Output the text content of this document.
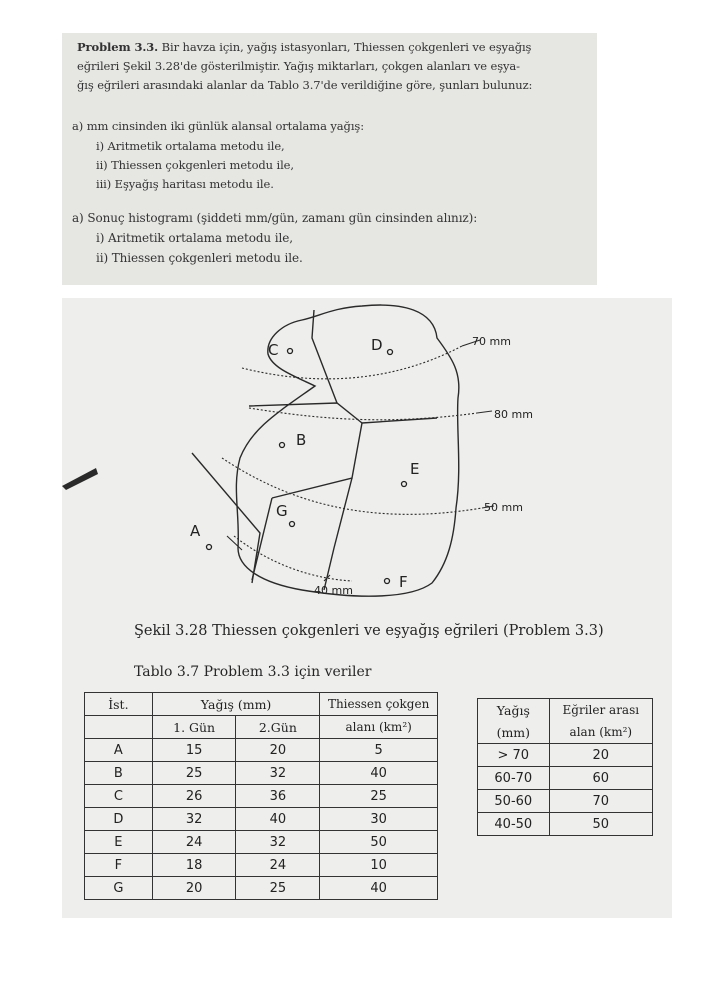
Problem 3.3. Bir havza için, yağış istasyonları, Thiessen çokgenleri ve eşyağış
eğrileri Şekil 3.28'de gösterilmiştir. Yağış miktarları, çokgen alanları ve eşya-
ğış eğrileri arasındaki alanlar da Tablo 3.7'de verildiğine göre, şunları bulunuz:
a) mm cinsinden iki günlük alansal ortalama yağış:
i) Aritmetik ortalama metodu ile,
ii) Thiessen çokgenleri metodu ile,
iii) Eşyağış haritası metodu ile.
a) Sonuç histogramı (şiddeti mm/gün, zamanı gün cinsinden alınız):
i) Aritmetik ortalama metodu ile,
ii) Thiessen çokgenleri metodu ile.
70 mm
80 mm
50 mm
40 mm
C	D
B
E
G
A
F
Şekil 3.28 Thiessen çokgenleri ve eşyağış eğrileri (Problem 3.3)
Tablo 3.7 Problem 3.3 için veriler
İst.	Yağış (mm)		Thiessen çokgen
	1. Gün	2.Gün	alanı (km²)
A	15	20	5
B	25	32	40
C	26	36	25
D	32	40	30
E	24	32	50
F	18	24	10
G	20	25	40
Yağış	Eğriler arası
(mm)	alan (km²)
> 70	20
60-70	60
50-60	70
40-50	50
